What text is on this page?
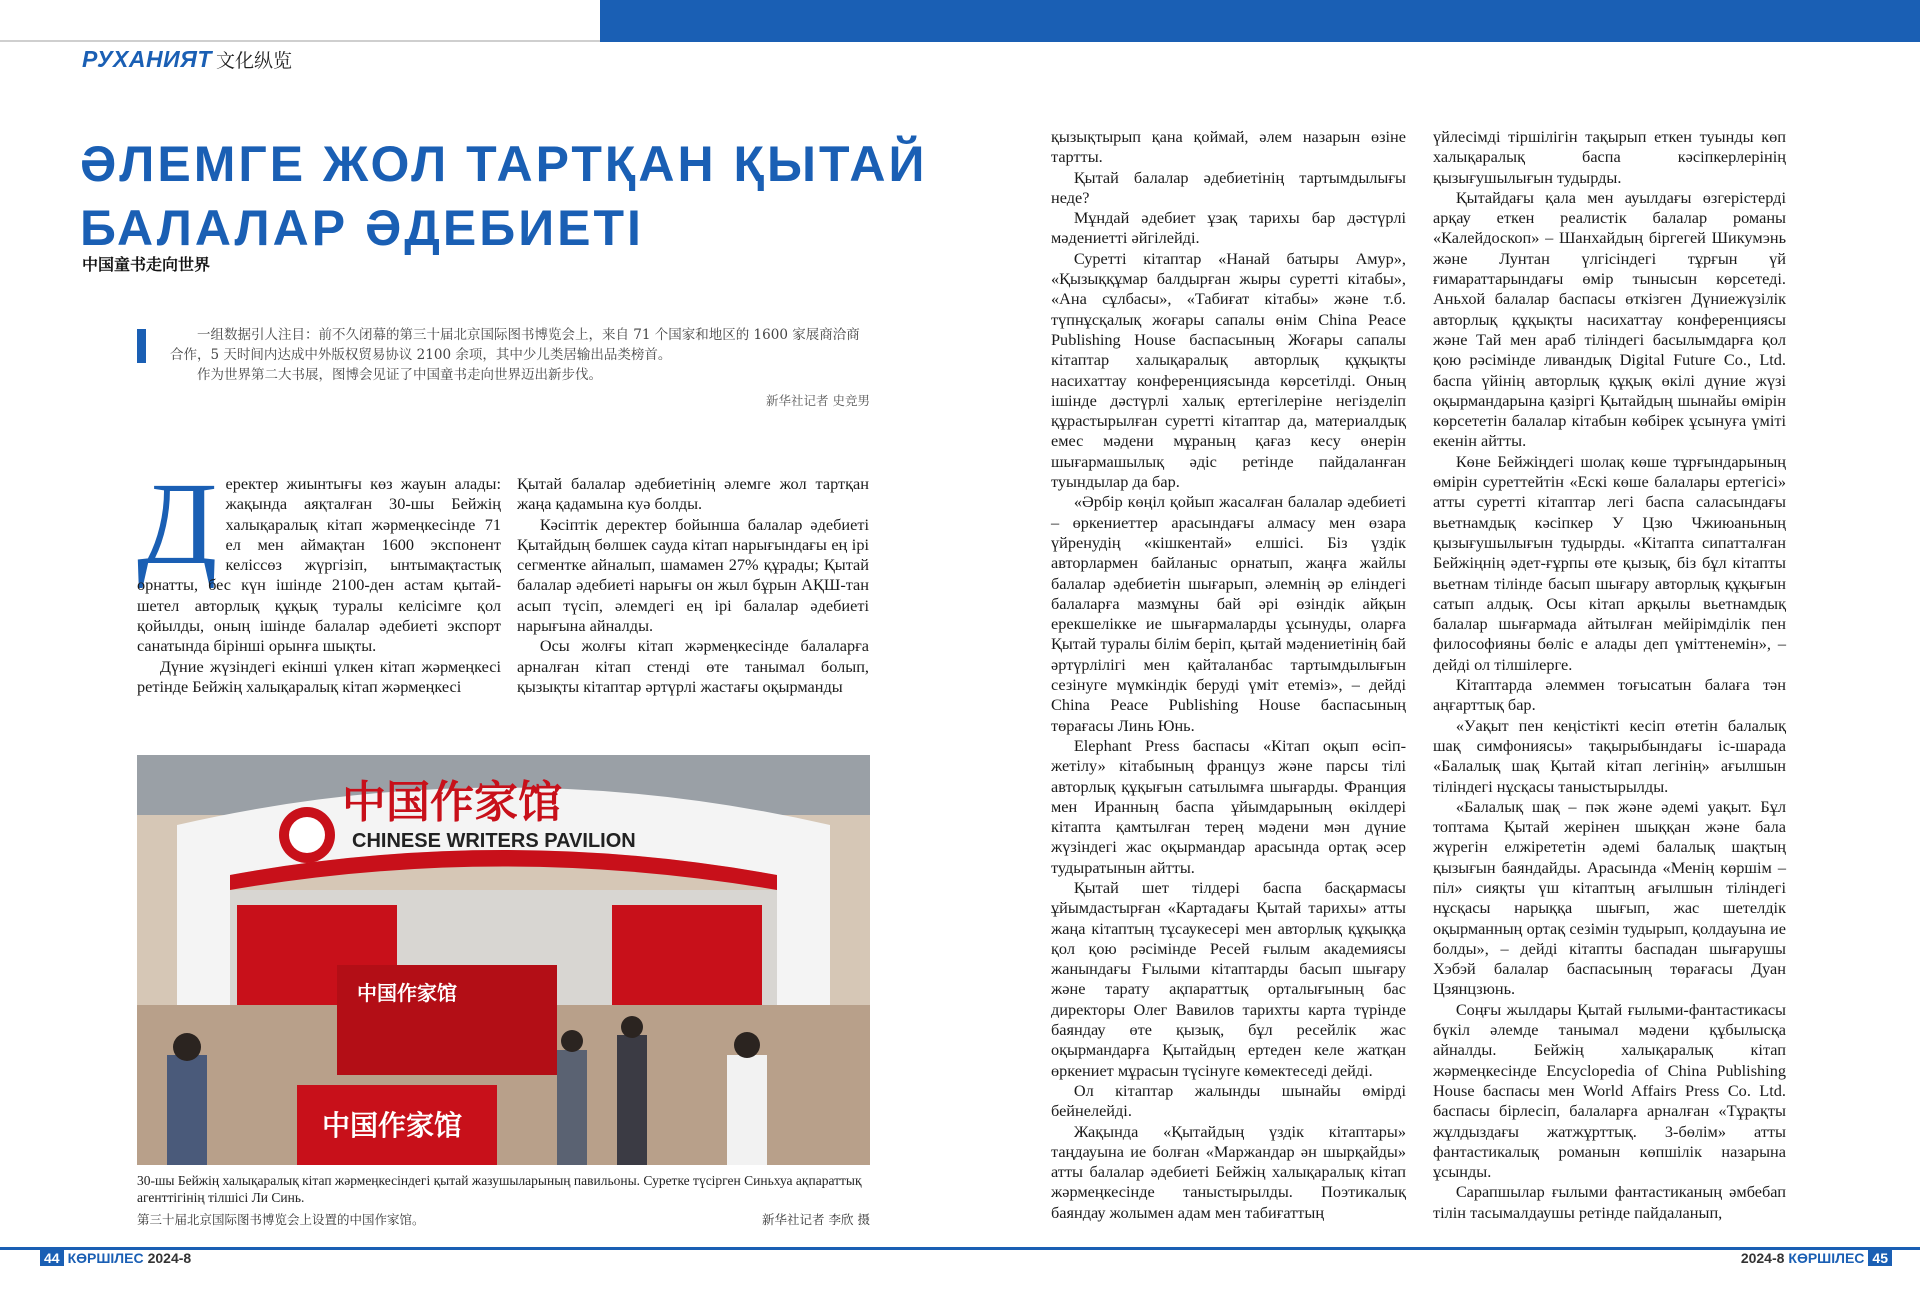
РУХАНИЯТ 文化纵览
ӘЛЕМГЕ ЖОЛ ТАРТҚАН ҚЫТАЙ
БАЛАЛАР ӘДЕБИЕТІ
中国童书走向世界

一组数据引人注目：前不久闭幕的第三十届北京国际图书博览会上，来自 71 个国家和地区的 1600 家展商洽商合作，5 天时间内达成中外版权贸易协议 2100 余项，其中少儿类居输出品类榜首。

作为世界第二大书展，图博会见证了中国童书走向世界迈出新步伐。

新华社记者 史竞男

Деректер жиынтығы көз жауын алады: жақында аяқталған 30-шы Бейжің халықаралық кітап жәрмеңкесінде 71 ел мен аймақтан 1600 экспонент келіссөз жүргізіп, ынтымақтастық орнатты, бес күн ішінде 2100-ден астам қытай-шетел авторлық құқық туралы келісімге қол қойылды, оның ішінде балалар әдебиеті экспорт санатында бірінші орынға шықты.

Дүние жүзіндегі екінші үлкен кітап жәрмеңкесі ретінде Бейжің халықаралық кітап жәрмеңкесі

Қытай балалар әдебиетінің әлемге жол тартқан жаңа қадамына куә болды.

Кәсіптік деректер бойынша балалар әдебиеті Қытайдың бөлшек сауда кітап нарығындағы ең ірі сегментке айналып, шамамен 27% құрады; Қытай балалар әдебиеті нарығы он жыл бұрын АҚШ-тан асып түсіп, әлемдегі ең ірі балалар әдебиеті нарығына айналды.

Осы жолғы кітап жәрмеңкесінде балаларға арналған кітап стенді өте танымал болып, қызықты кітаптар әртүрлі жастағы оқырманды

中国作家馆
CHINESE WRITERS PAVILION
中国作家馆
中国作家馆
30-шы Бейжің халықаралық кітап жәрмеңкесіндегі қытай жазушыларының павильоны. Суретке түсірген Синьхуа ақпараттық агенттігінің тілшісі Ли Синь.
第三十届北京国际图书博览会上设置的中国作家馆。	新华社记者 李欣 摄

қызықтырып қана қоймай, әлем назарын өзіне тартты.

Қытай балалар әдебиетінің тартымдылығы неде?

Мұндай әдебиет ұзақ тарихы бар дәстүрлі мәдениетті әйгілейді.

Суретті кітаптар «Нанай батыры Амур», «Қызыққұмар балдырған жыры суретті кітабы», «Ана сұлбасы», «Табиғат кітабы» және т.б. түпнұсқалық жоғары сапалы өнім China Peace Publishing House баспасының Жоғары сапалы кітаптар халықаралық авторлық құқықты насихаттау конференциясында көрсетілді. Оның ішінде дәстүрлі халық ертегілеріне негізделіп құрастырылған суретті кітаптар да, материалдық емес мәдени мұраның қағаз кесу өнерін шығармашылық әдіс ретінде пайдаланған туындылар да бар.

«Әрбір көңіл қойып жасалған балалар әдебиеті – өркениеттер арасындағы алмасу мен өзара үйренудің «кішкентай» елшісі. Біз үздік авторлармен байланыс орнатып, жаңға жайлы балалар әдебиетін шығарып, әлемнің әр еліндегі балаларға мазмұны бай әрі өзіндік айқын ерекшелікке ие шығармаларды ұсынуды, оларға Қытай туралы білім беріп, қытай мәдениетінің бай әртүрлілігі мен қайталанбас тартымдылығын сезінуге мүмкіндік беруді үміт етеміз», – дейді China Peace Publishing House баспасының төрағасы Линь Юнь.

Elephant Press баспасы «Кітап оқып өсіп-жетілу» кітабының француз және парсы тілі авторлық құқығын сатылымға шығарды. Франция мен Иранның баспа ұйымдарының өкілдері кітапта қамтылған терең мәдени мән дүние жүзіндегі жас оқырмандар арасында ортақ әсер тудыратынын айтты.

Қытай шет тілдері баспа басқармасы ұйымдастырған «Картадағы Қытай тарихы» атты жаңа кітаптың тұсаукесері мен авторлық құқыққа қол қою рәсімінде Ресей ғылым академиясы жанындағы Ғылыми кітаптарды басып шығару және тарату ақпараттық орталығының бас директоры Олег Вавилов тарихты карта түрінде баяндау өте қызық, бұл ресейлік жас оқырмандарға Қытайдың ертеден келе жатқан өркениет мұрасын түсінуге көмектеседі дейді.

Ол кітаптар жалынды шынайы өмірді бейнелейді.

Жақында «Қытайдың үздік кітаптары» таңдауына ие болған «Маржандар ән шырқайды» атты балалар әдебиеті Бейжің халықаралық кітап жәрмеңкесінде таныстырылды. Поэтикалық баяндау жолымен адам мен табиғаттың

үйлесімді тіршілігін тақырып еткен туынды көп халықаралық баспа кәсіпкерлерінің қызығушылығын тудырды.

Қытайдағы қала мен ауылдағы өзгерістерді арқау еткен реалистік балалар романы «Калейдоскоп» – Шанхайдың біргегей Шикумэнь және Лунтан үлгісіндегі тұрғын үй ғимараттарындағы өмір тынысын көрсетеді. Аньхой балалар баспасы өткізген Дүниежүзілік авторлық құқықты насихаттау конференциясы және Тай мен араб тіліндегі басылымдарға қол қою рәсімінде ливандық Digital Future Co., Ltd. баспа үйінің авторлық құқық өкілі дүние жүзі оқырмандарына қазіргі Қытайдың шынайы өмірін көрсететін балалар кітабын көбірек ұсынуға үміті екенін айтты.

Көне Бейжіңдегі шолақ көше тұрғындарының өмірін суреттейтін «Ескі көше балалары ертегісі» атты суретті кітаптар легі баспа саласындағы вьетнамдық кәсіпкер У Цзю Чжиюаньның қызығушылығын тудырды. «Кітапта сипатталған Бейжіңнің әдет-ғұрпы өте қызық, біз бұл кітапты вьетнам тілінде басып шығару авторлық құқығын сатып алдық. Осы кітап арқылы вьетнамдық балалар шығармада айтылған мейірімділік пен философияны бөліс е алады деп үміттенемін», – дейді ол тілшілерге.

Кітаптарда әлеммен тоғысатын балаға тән аңғарттық бар.

«Уақыт пен кеңістікті кесіп өтетін балалық шақ симфониясы» тақырыбындағы іс-шарада «Балалық шақ Қытай кітап легінің» ағылшын тіліндегі нұсқасы таныстырылды.

«Балалық шақ – пәк және әдемі уақыт. Бұл топтама Қытай жерінен шыққан және бала жүрегін елжірететін әдемі балалық шақтың қызығын баяндайды. Арасында «Менің көршім – піл» сияқты үш кітаптың ағылшын тіліндегі нұсқасы нарыққа шығып, жас шетелдік оқырманның ортақ сезімін тудырып, қолдауына ие болды», – дейді кітапты баспадан шығарушы Хэбэй балалар баспасының төрағасы Дуан Цзянцзюнь.

Соңғы жылдары Қытай ғылыми-фантастикасы бүкіл әлемде танымал мәдени құбылысқа айналды. Бейжің халықаралық кітап жәрмеңкесінде Encyclopedia of China Publishing House баспасы мен World Affairs Press Co. Ltd. баспасы бірлесіп, балаларға арналған «Тұрақты жұлдыздағы жатжұрттық. 3-бөлім» атты фантастикалық романын көпшілік назарына ұсынды.

Сарапшылар ғылыми фантастиканың әмбебап тілін тасымалдаушы ретінде пайдаланып,

44 КӨРШІЛЕС 2024-8	2024-8 КӨРШІЛЕС 45
